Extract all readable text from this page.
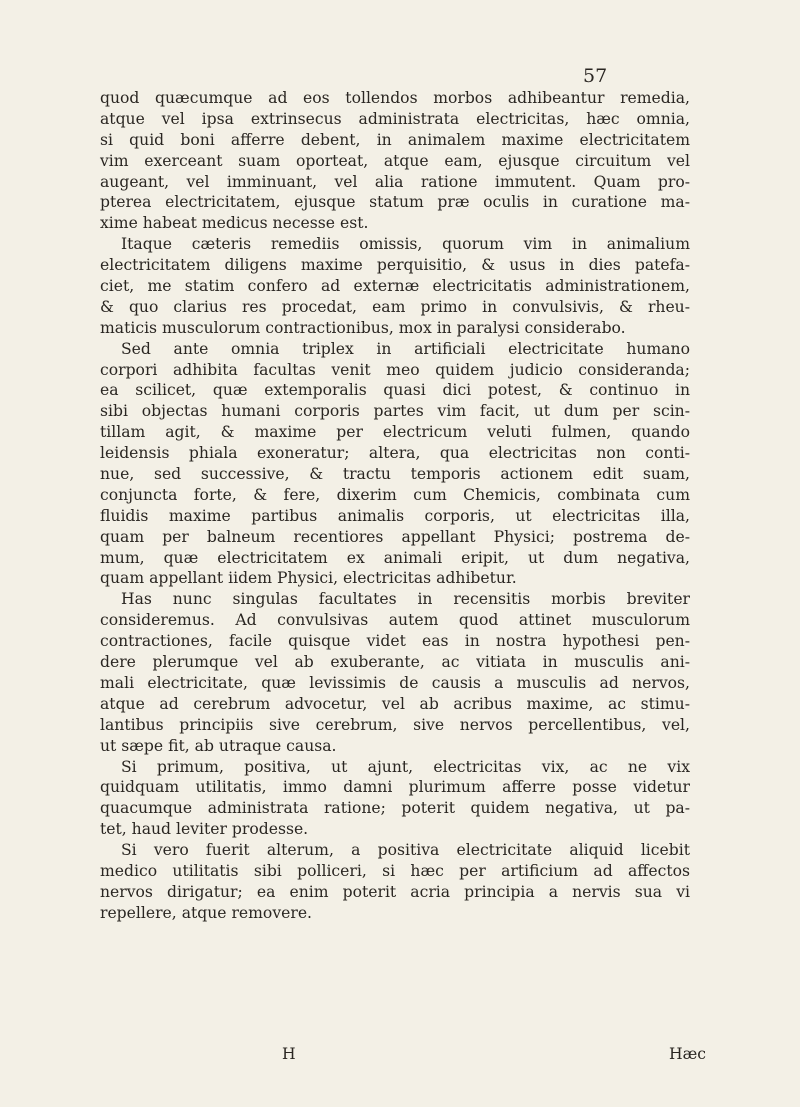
57
quod quæcumque ad eos tollendos morbos adhibeantur remedia,
atque vel ipsa extrinsecus administrata electricitas, hæc omnia,
si quid boni afferre debent, in animalem maxime electricitatem
vim exerceant suam oporteat, atque eam, ejusque circuitum vel
augeant, vel imminuant, vel alia ratione immutent. Quam pro-
pterea electricitatem, ejusque statum præ oculis in curatione ma-
xime habeat medicus necesse est.
Itaque cæteris remediis omissis, quorum vim in animalium
electricitatem diligens maxime perquisitio, & usus in dies patefa-
ciet, me statim confero ad externæ electricitatis administrationem,
& quo clarius res procedat, eam primo in convulsivis, & rheu-
maticis musculorum contractionibus, mox in paralysi considerabo.
Sed ante omnia triplex in artificiali electricitate humano
corpori adhibita facultas venit meo quidem judicio consideranda;
ea scilicet, quæ extemporalis quasi dici potest, & continuo in
sibi objectas humani corporis partes vim facit, ut dum per scin-
tillam agit, & maxime per electricum veluti fulmen, quando
leidensis phiala exoneratur; altera, qua electricitas non conti-
nue, sed successive, & tractu temporis actionem edit suam,
conjuncta forte, & fere, dixerim cum Chemicis, combinata cum
fluidis maxime partibus animalis corporis, ut electricitas illa,
quam per balneum recentiores appellant Physici; postrema de-
mum, quæ electricitatem ex animali eripit, ut dum negativa,
quam appellant iidem Physici, electricitas adhibetur.
Has nunc singulas facultates in recensitis morbis breviter
consideremus. Ad convulsivas autem quod attinet musculorum
contractiones, facile quisque videt eas in nostra hypothesi pen-
dere plerumque vel ab exuberante, ac vitiata in musculis ani-
mali electricitate, quæ levissimis de causis a musculis ad nervos,
atque ad cerebrum advocetur, vel ab acribus maxime, ac stimu-
lantibus principiis sive cerebrum, sive nervos percellentibus, vel,
ut sæpe fit, ab utraque causa.
Si primum, positiva, ut ajunt, electricitas vix, ac ne vix
quidquam utilitatis, immo damni plurimum afferre posse videtur
quacumque administrata ratione; poterit quidem negativa, ut pa-
tet, haud leviter prodesse.
Si vero fuerit alterum, a positiva electricitate aliquid licebit
medico utilitatis sibi polliceri, si hæc per artificium ad affectos
nervos dirigatur; ea enim poterit acria principia a nervis sua vi
repellere, atque removere.
H	Hæc
